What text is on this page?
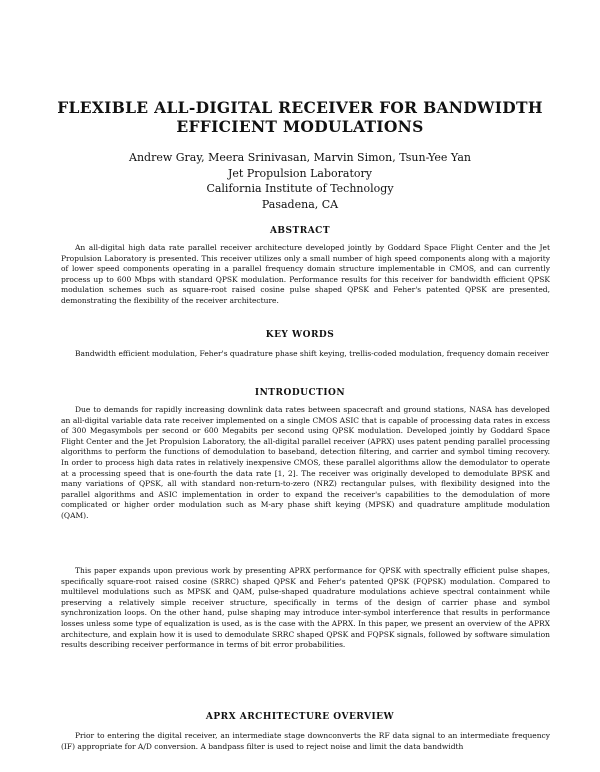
FLEXIBLE ALL-DIGITAL RECEIVER FOR BANDWIDTH
EFFICIENT MODULATIONS
Andrew Gray, Meera Srinivasan, Marvin Simon, Tsun-Yee Yan
Jet Propulsion Laboratory
California Institute of Technology
Pasadena, CA
ABSTRACT

An all-digital high data rate parallel receiver architecture developed jointly by Goddard Space Flight Center and the Jet Propulsion Laboratory is presented. This receiver utilizes only a small number of high speed components along with a majority of lower speed components operating in a parallel frequency domain structure implementable in CMOS, and can currently process up to 600 Mbps with standard QPSK modulation. Performance results for this receiver for bandwidth efficient QPSK modulation schemes such as square-root raised cosine pulse shaped QPSK and Feher's patented QPSK are presented, demonstrating the flexibility of the receiver architecture.

KEY WORDS

Bandwidth efficient modulation, Feher's quadrature phase shift keying, trellis-coded modulation, frequency domain receiver

INTRODUCTION

Due to demands for rapidly increasing downlink data rates between spacecraft and ground stations, NASA has developed an all-digital variable data rate receiver implemented on a single CMOS ASIC that is capable of processing data rates in excess of 300 Megasymbols per second or 600 Megabits per second using QPSK modulation. Developed jointly by Goddard Space Flight Center and the Jet Propulsion Laboratory, the all-digital parallel receiver (APRX) uses patent pending parallel processing algorithms to perform the functions of demodulation to baseband, detection filtering, and carrier and symbol timing recovery. In order to process high data rates in relatively inexpensive CMOS, these parallel algorithms allow the demodulator to operate at a processing speed that is one-fourth the data rate [1, 2]. The receiver was originally developed to demodulate BPSK and many variations of QPSK, all with standard non-return-to-zero (NRZ) rectangular pulses, with flexibility designed into the parallel algorithms and ASIC implementation in order to expand the receiver's capabilities to the demodulation of more complicated or higher order modulation such as M-ary phase shift keying (MPSK) and quadrature amplitude modulation (QAM).

This paper expands upon previous work by presenting APRX performance for QPSK with spectrally efficient pulse shapes, specifically square-root raised cosine (SRRC) shaped QPSK and Feher's patented QPSK (FQPSK) modulation. Compared to multilevel modulations such as MPSK and QAM, pulse-shaped quadrature modulations achieve spectral containment while preserving a relatively simple receiver structure, specifically in terms of the design of carrier phase and symbol synchronization loops. On the other hand, pulse shaping may introduce inter-symbol interference that results in performance losses unless some type of equalization is used, as is the case with the APRX. In this paper, we present an overview of the APRX architecture, and explain how it is used to demodulate SRRC shaped QPSK and FQPSK signals, followed by software simulation results describing receiver performance in terms of bit error probabilities.

APRX ARCHITECTURE OVERVIEW

Prior to entering the digital receiver, an intermediate stage downconverts the RF data signal to an intermediate frequency (IF) appropriate for A/D conversion. A bandpass filter is used to reject noise and limit the data bandwidth
